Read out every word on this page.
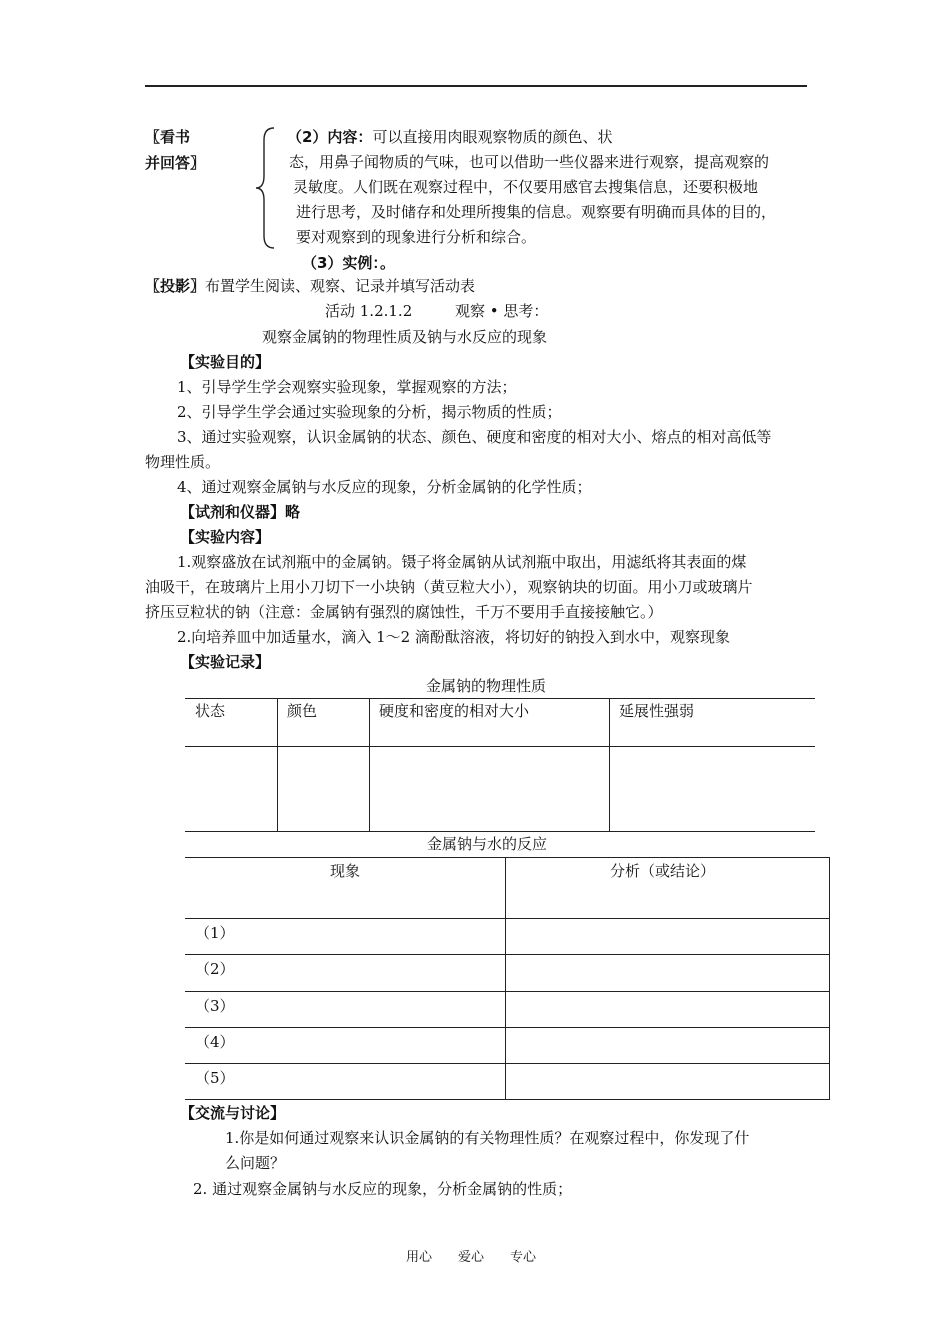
〖看书
并回答〗
（2）内容：可以直接用肉眼观察物质的颜色、状
态，用鼻子闻物质的气味，也可以借助一些仪器来进行观察，提高观察的
灵敏度。人们既在观察过程中，不仅要用感官去搜集信息，还要积极地
进行思考，及时储存和处理所搜集的信息。观察要有明确而具体的目的，
要对观察到的现象进行分析和综合。
（3）实例：。
〖投影〗布置学生阅读、观察、记录并填写活动表
活动 1.2.1.2	观察 • 思考：
观察金属钠的物理性质及钠与水反应的现象
【实验目的】
1、引导学生学会观察实验现象，掌握观察的方法；
2、引导学生学会通过实验现象的分析，揭示物质的性质；
3、通过实验观察，认识金属钠的状态、颜色、硬度和密度的相对大小、熔点的相对高低等
物理性质。
4、通过观察金属钠与水反应的现象，分析金属钠的化学性质；
【试剂和仪器】略
【实验内容】
1.观察盛放在试剂瓶中的金属钠。镊子将金属钠从试剂瓶中取出，用滤纸将其表面的煤
油吸干，在玻璃片上用小刀切下一小块钠（黄豆粒大小），观察钠块的切面。用小刀或玻璃片
挤压豆粒状的钠（注意：金属钠有强烈的腐蚀性，千万不要用手直接接触它。）
2.向培养皿中加适量水，滴入 1～2 滴酚酞溶液，将切好的钠投入到水中，观察现象
【实验记录】
金属钠的物理性质
状态	颜色	硬度和密度的相对大小	延展性强弱
金属钠与水的反应
现象	分析（或结论）
（1）
（2）
（3）
（4）
（5）
【交流与讨论】
1.你是如何通过观察来认识金属钠的有关物理性质？在观察过程中，你发现了什
么问题？
2. 通过观察金属钠与水反应的现象，分析金属钠的性质；
用心　　爱心　　专心
